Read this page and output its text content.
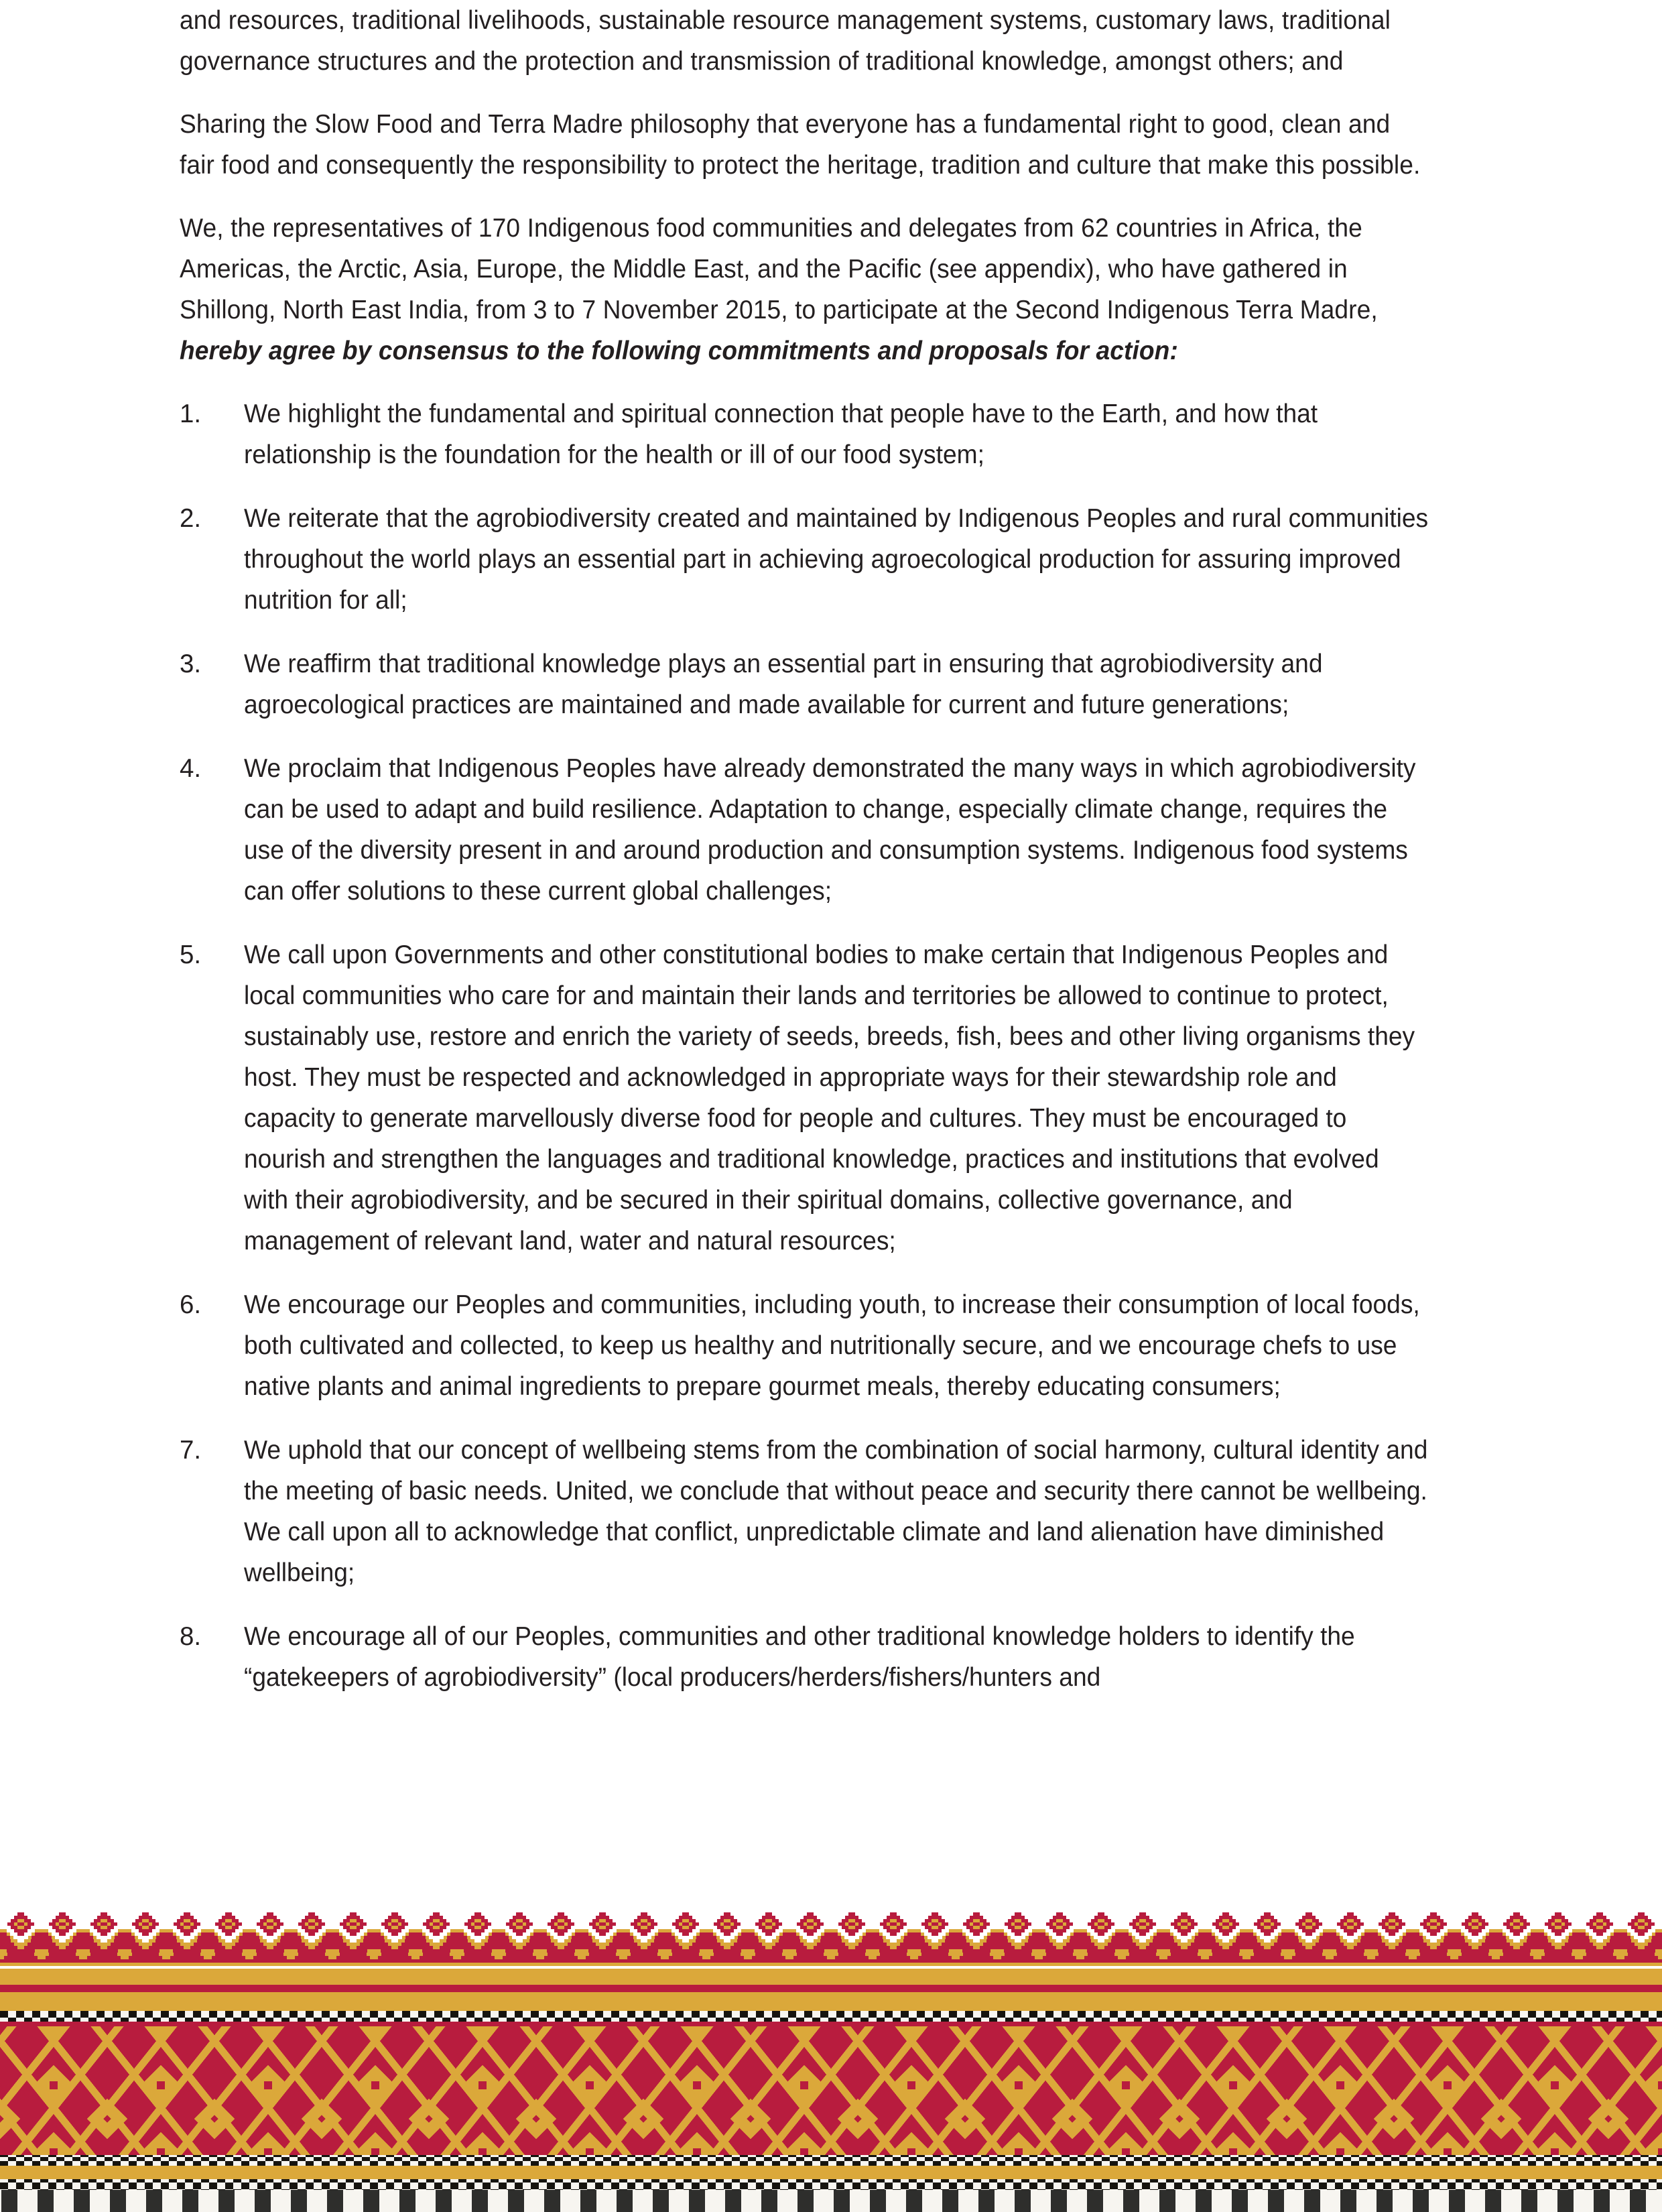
and resources, traditional livelihoods, sustainable resource management systems, customary laws, traditional governance structures and the protection and transmission of traditional knowledge, amongst others; and

Sharing the Slow Food and Terra Madre philosophy that everyone has a fundamental right to good, clean and fair food and consequently the responsibility to protect the heritage, tradition and culture that make this possible.

We, the representatives of 170 Indigenous food communities and delegates from 62 countries in Africa, the Americas, the Arctic, Asia, Europe, the Middle East, and the Pacific (see appendix), who have gathered in Shillong, North East India, from 3 to 7 November 2015, to participate at the Second Indigenous Terra Madre, hereby agree by consensus to the following commitments and proposals for action:

1.	We highlight the fundamental and spiritual connection that people have to the Earth, and how that relationship is the foundation for the health or ill of our food system;
2.	We reiterate that the agrobiodiversity created and maintained by Indigenous Peoples and rural communities throughout the world plays an essential part in achieving agroecological production for assuring improved nutrition for all;
3.	We reaffirm that traditional knowledge plays an essential part in ensuring that agrobiodiversity and agroecological practices are maintained and made available for current and future generations;
4.	We proclaim that Indigenous Peoples have already demonstrated the many ways in which agrobiodiversity can be used to adapt and build resilience. Adaptation to change, especially climate change, requires the use of the diversity present in and around production and consumption systems. Indigenous food systems can offer solutions to these current global challenges;
5.	We call upon Governments and other constitutional bodies to make certain that Indigenous Peoples and local communities who care for and maintain their lands and territories be allowed to continue to protect, sustainably use, restore and enrich the variety of seeds, breeds, fish, bees and other living organisms they host. They must be respected and acknowledged in appropriate ways for their stewardship role and capacity to generate marvellously diverse food for people and cultures. They must be encouraged to nourish and strengthen the languages and traditional knowledge, practices and institutions that evolved with their agrobiodiversity, and be secured in their spiritual domains, collective governance, and management of relevant land, water and natural resources;
6.	We encourage our Peoples and communities, including youth, to increase their consumption of local foods, both cultivated and collected, to keep us healthy and nutritionally secure, and we encourage chefs to use native plants and animal ingredients to prepare gourmet meals, thereby educating consumers;
7.	We uphold that our concept of wellbeing stems from the combination of social harmony, cultural identity and the meeting of basic needs. United, we conclude that without peace and security there cannot be wellbeing. We call upon all to acknowledge that conflict, unpredictable climate and land alienation have diminished wellbeing;
8.	We encourage all of our Peoples, communities and other traditional knowledge holders to identify the “gatekeepers of agrobiodiversity” (local producers/herders/fishers/hunters and
